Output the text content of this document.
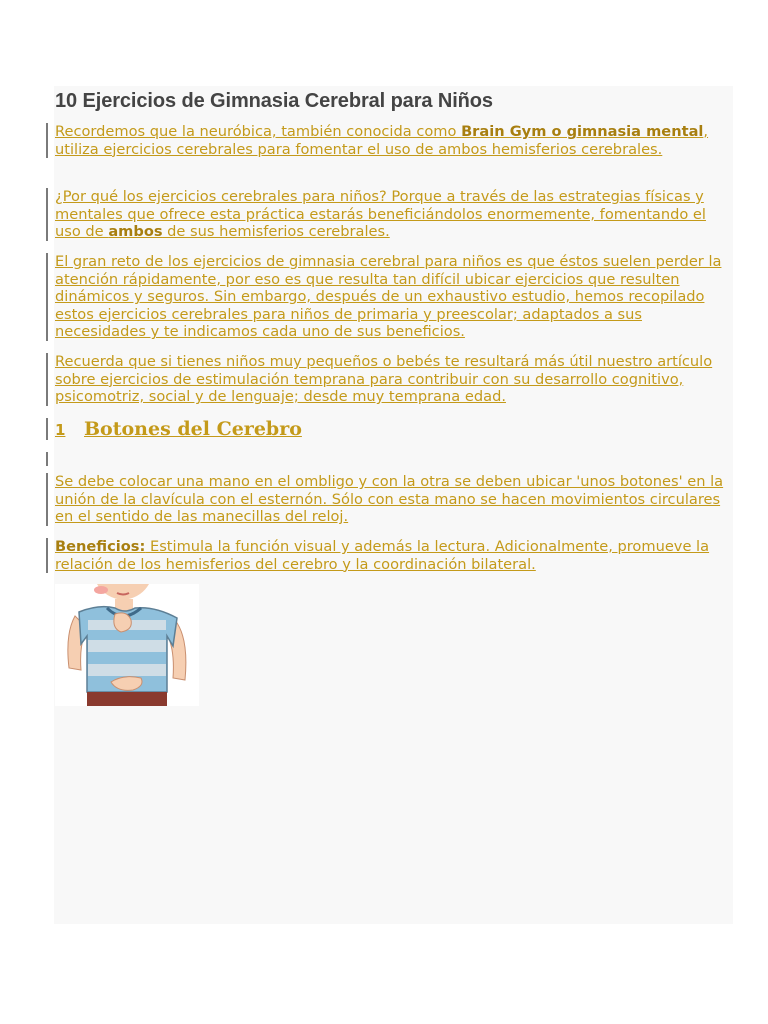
10 Ejercicios de Gimnasia Cerebral para Niños
Recordemos que la neuróbica, también conocida como Brain Gym o gimnasia mental, utiliza ejercicios cerebrales para fomentar el uso de ambos hemisferios cerebrales.
¿Por qué los ejercicios cerebrales para niños? Porque a través de las estrategias físicas y mentales que ofrece esta práctica estarás beneficiándolos enormemente, fomentando el uso de ambos de sus hemisferios cerebrales.
El gran reto de los ejercicios de gimnasia cerebral para niños es que éstos suelen perder la atención rápidamente, por eso es que resulta tan difícil ubicar ejercicios que resulten dinámicos y seguros. Sin embargo, después de un exhaustivo estudio, hemos recopilado estos ejercicios cerebrales para niños de primaria y preescolar; adaptados a sus necesidades y te indicamos cada uno de sus beneficios.
Recuerda que si tienes niños muy pequeños o bebés te resultará más útil nuestro artículo sobre ejercicios de estimulación temprana para contribuir con su desarrollo cognitivo, psicomotriz, social y de lenguaje; desde muy temprana edad.
1 Botones del Cerebro
Se debe colocar una mano en el ombligo y con la otra se deben ubicar 'unos botones' en la unión de la clavícula con el esternón. Sólo con esta mano se hacen movimientos circulares en el sentido de las manecillas del reloj.
Beneficios: Estimula la función visual y además la lectura. Adicionalmente, promueve la relación de los hemisferios del cerebro y la coordinación bilateral.
